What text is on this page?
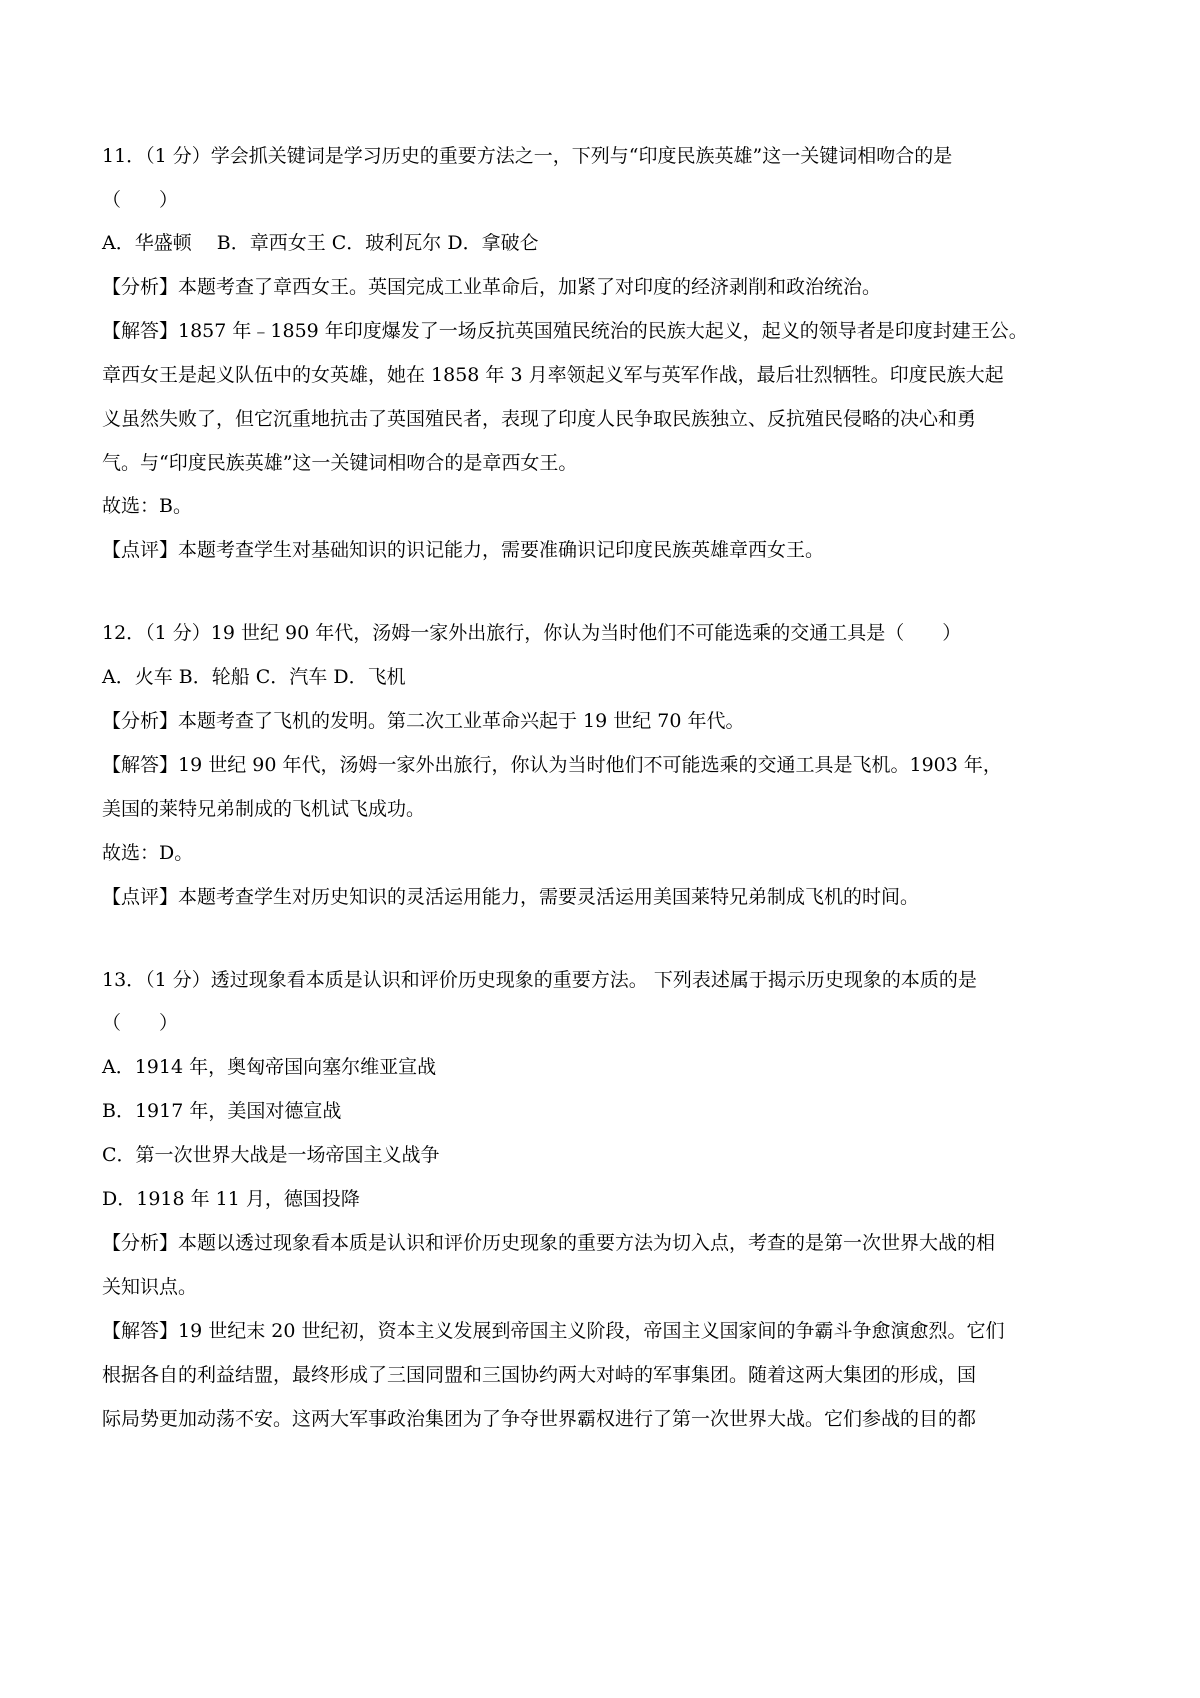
11．（1 分）学会抓关键词是学习历史的重要方法之一，下列与“印度民族英雄”这一关键词相吻合的是
（　　）
A．华盛顿　 B．章西女王 C．玻利瓦尔 D．拿破仑
【分析】本题考查了章西女王。英国完成工业革命后，加紧了对印度的经济剥削和政治统治。
【解答】1857 年﹣1859 年印度爆发了一场反抗英国殖民统治的民族大起义，起义的领导者是印度封建王公。
章西女王是起义队伍中的女英雄，她在 1858 年 3 月率领起义军与英军作战，最后壮烈牺牲。印度民族大起
义虽然失败了，但它沉重地抗击了英国殖民者，表现了印度人民争取民族独立、反抗殖民侵略的决心和勇
气。与“印度民族英雄”这一关键词相吻合的是章西女王。
故选：B。
【点评】本题考查学生对基础知识的识记能力，需要准确识记印度民族英雄章西女王。
12．（1 分）19 世纪 90 年代，汤姆一家外出旅行，你认为当时他们不可能选乘的交通工具是（　　）
A．火车 B．轮船 C．汽车 D．飞机
【分析】本题考查了飞机的发明。第二次工业革命兴起于 19 世纪 70 年代。
【解答】19 世纪 90 年代，汤姆一家外出旅行，你认为当时他们不可能选乘的交通工具是飞机。1903 年，
美国的莱特兄弟制成的飞机试飞成功。
故选：D。
【点评】本题考查学生对历史知识的灵活运用能力，需要灵活运用美国莱特兄弟制成飞机的时间。
13．（1 分）透过现象看本质是认识和评价历史现象的重要方法。 下列表述属于揭示历史现象的本质的是
（　　）
A．1914 年，奥匈帝国向塞尔维亚宣战
B．1917 年，美国对德宣战
C．第一次世界大战是一场帝国主义战争
D．1918 年 11 月，德国投降
【分析】本题以透过现象看本质是认识和评价历史现象的重要方法为切入点，考查的是第一次世界大战的相
关知识点。
【解答】19 世纪末 20 世纪初，资本主义发展到帝国主义阶段，帝国主义国家间的争霸斗争愈演愈烈。它们
根据各自的利益结盟，最终形成了三国同盟和三国协约两大对峙的军事集团。随着这两大集团的形成，国
际局势更加动荡不安。这两大军事政治集团为了争夺世界霸权进行了第一次世界大战。它们参战的目的都
